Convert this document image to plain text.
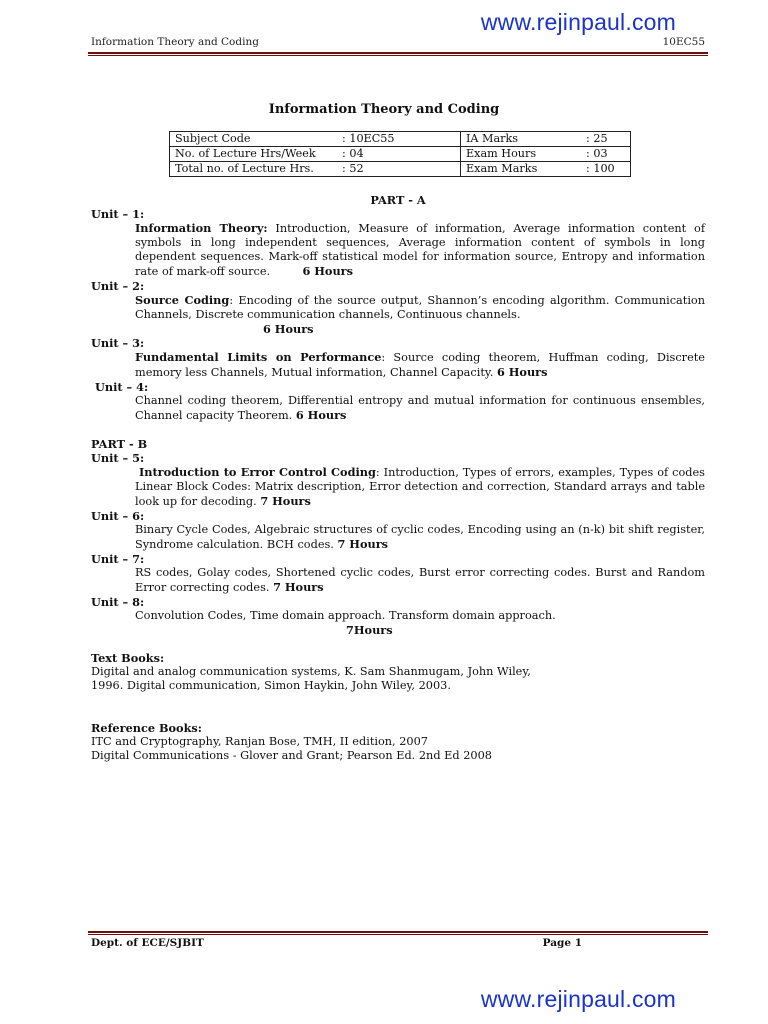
www.rejinpaul.com
Information Theory and Coding	10EC55
Information Theory and Coding
Subject Code : 10EC55	IA Marks : 25
No. of Lecture Hrs/Week : 04	Exam Hours : 03
Total no. of Lecture Hrs. : 52	Exam Marks : 100
PART - A
Unit – 1:
Information Theory: Introduction, Measure of information, Average information content of symbols in long independent sequences, Average information content of symbols in long dependent sequences. Mark-off statistical model for information source, Entropy and information rate of mark-off source.	6 Hours
Unit – 2:
Source Coding: Encoding of the source output, Shannon’s encoding algorithm. Communication Channels, Discrete communication channels, Continuous channels.
6 Hours
Unit – 3:
Fundamental Limits on Performance: Source coding theorem, Huffman coding, Discrete memory less Channels, Mutual information, Channel Capacity. 6 Hours
Unit – 4:
Channel coding theorem, Differential entropy and mutual information for continuous ensembles, Channel capacity Theorem. 6 Hours
PART - B
Unit – 5:
Introduction to Error Control Coding: Introduction, Types of errors, examples, Types of codes Linear Block Codes: Matrix description, Error detection and correction, Standard arrays and table look up for decoding. 7 Hours
Unit – 6:
Binary Cycle Codes, Algebraic structures of cyclic codes, Encoding using an (n-k) bit shift register, Syndrome calculation. BCH codes. 7 Hours
Unit – 7:
RS codes, Golay codes, Shortened cyclic codes, Burst error correcting codes. Burst and Random Error correcting codes. 7 Hours
Unit – 8:
Convolution Codes, Time domain approach. Transform domain approach.
7Hours
Text Books:
Digital and analog communication systems, K. Sam Shanmugam, John Wiley,
1996. Digital communication, Simon Haykin, John Wiley, 2003.
Reference Books:
ITC and Cryptography, Ranjan Bose, TMH, II edition, 2007
Digital Communications - Glover and Grant; Pearson Ed. 2nd Ed 2008
Dept. of ECE/SJBIT	Page 1
www.rejinpaul.com
